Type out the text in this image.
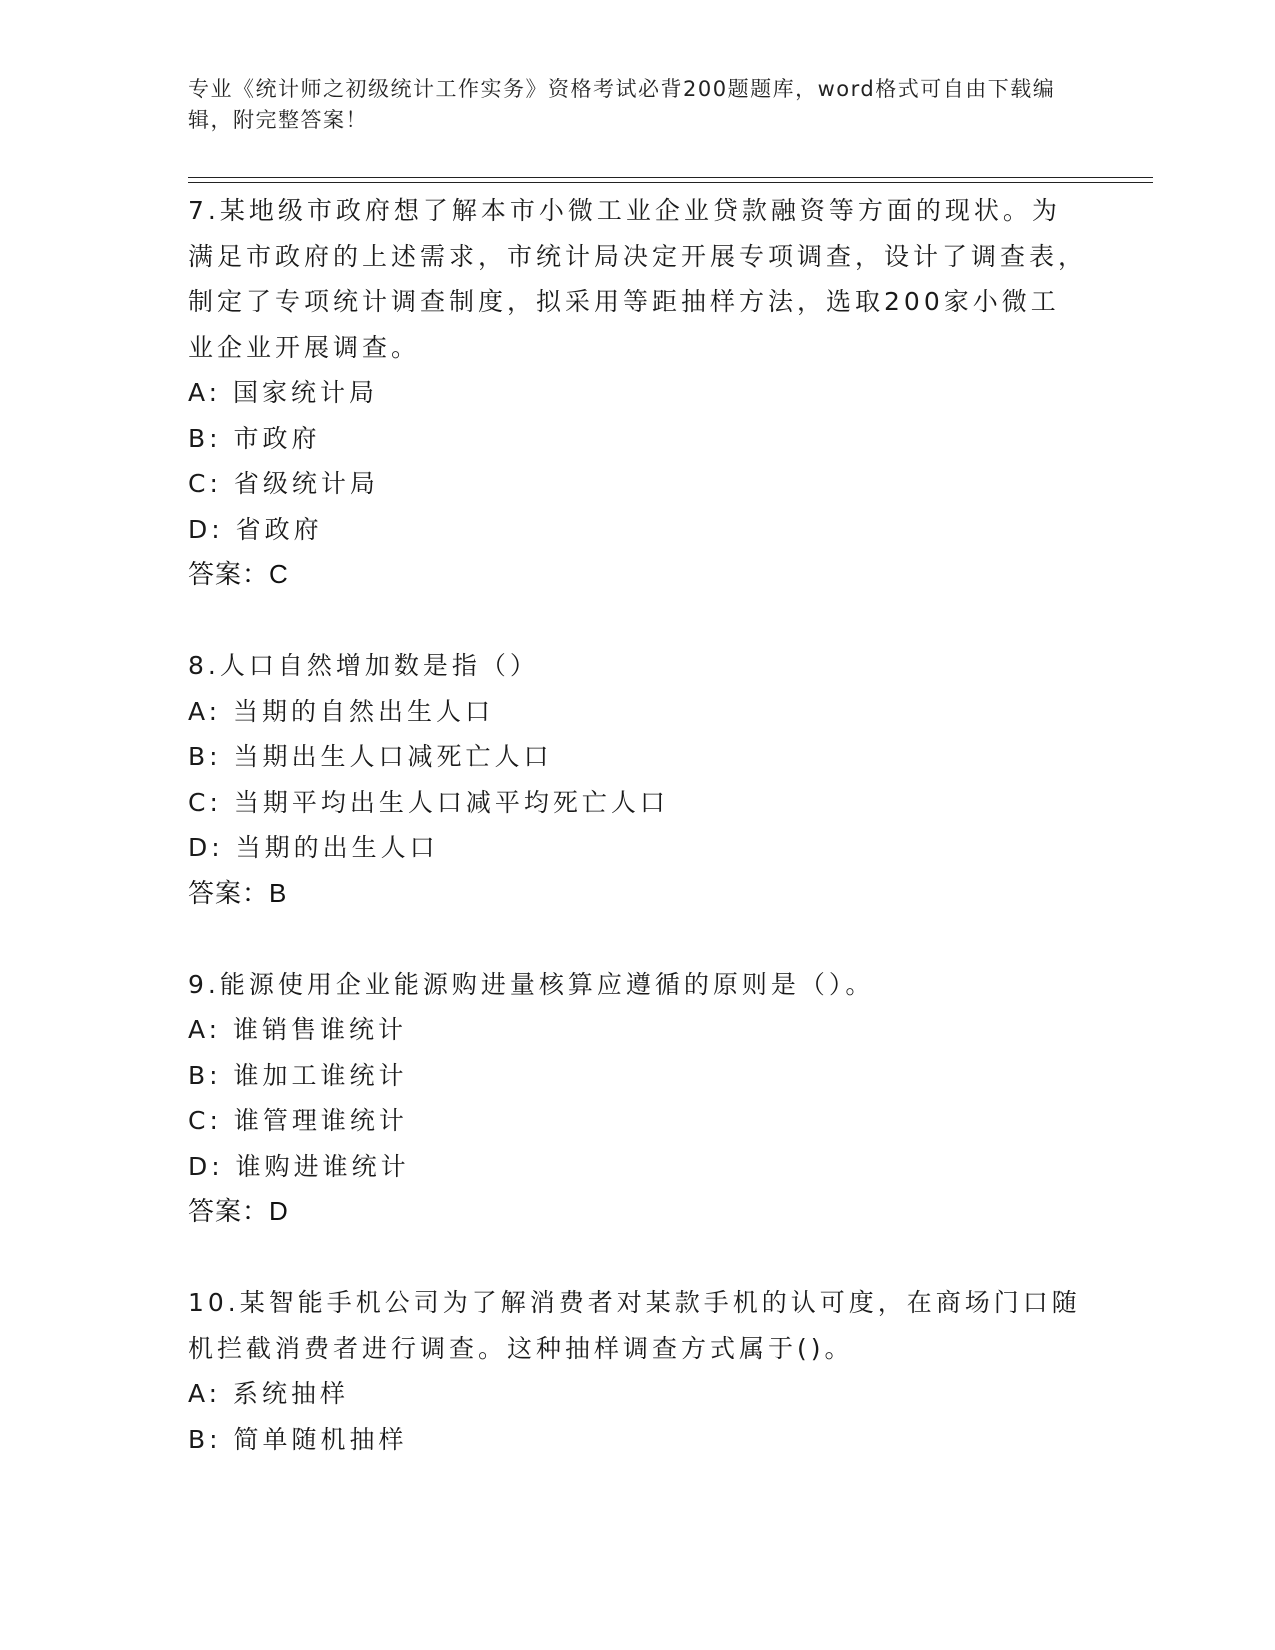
专业《统计师之初级统计工作实务》资格考试必背200题题库，word格式可自由下载编辑，附完整答案！

7.某地级市政府想了解本市小微工业企业贷款融资等方面的现状。为满足市政府的上述需求，市统计局决定开展专项调查，设计了调查表，制定了专项统计调查制度，拟采用等距抽样方法，选取200家小微工业企业开展调查。

A: 国家统计局

B: 市政府

C: 省级统计局

D: 省政府

答案：C

8.人口自然增加数是指（）

A: 当期的自然出生人口

B: 当期出生人口减死亡人口

C: 当期平均出生人口减平均死亡人口

D: 当期的出生人口

答案：B

9.能源使用企业能源购进量核算应遵循的原则是（）。

A: 谁销售谁统计

B: 谁加工谁统计

C: 谁管理谁统计

D: 谁购进谁统计

答案：D

10.某智能手机公司为了解消费者对某款手机的认可度，在商场门口随机拦截消费者进行调查。这种抽样调查方式属于()。

A: 系统抽样

B: 简单随机抽样
